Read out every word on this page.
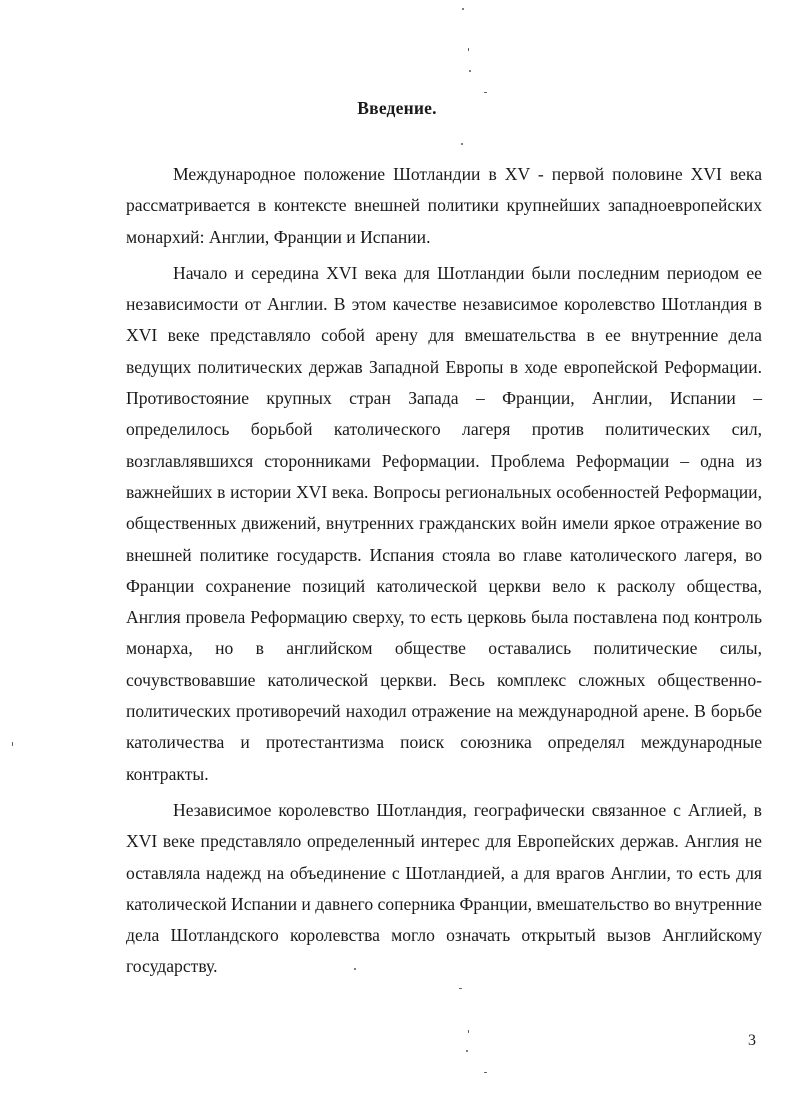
Введение.

Международное положение Шотландии в XV - первой половине XVI века рассматривается в контексте внешней политики крупнейших западноевропейских монархий: Англии, Франции и Испании.

Начало и середина XVI века для Шотландии были последним периодом ее независимости от Англии. В этом качестве независимое королевство Шотландия в XVI веке представляло собой арену для вмешательства в ее внутренние дела ведущих политических держав Западной Европы в ходе европейской Реформации. Противостояние крупных стран Запада – Франции, Англии, Испании – определилось борьбой католического лагеря против политических сил, возглавлявшихся сторонниками Реформации. Проблема Реформации – одна из важнейших в истории XVI века. Вопросы региональных особенностей Реформации, общественных движений, внутренних гражданских войн имели яркое отражение во внешней политике государств. Испания стояла во главе католического лагеря, во Франции сохранение позиций католической церкви вело к расколу общества, Англия провела Реформацию сверху, то есть церковь была поставлена под контроль монарха, но в английском обществе оставались политические силы, сочувствовавшие католической церкви. Весь комплекс сложных общественно-политических противоречий находил отражение на международной арене. В борьбе католичества и протестантизма поиск союзника определял международные контракты.

Независимое королевство Шотландия, географически связанное с Аглией, в XVI веке представляло определенный интерес для Европейских держав. Англия не оставляла надежд на объединение с Шотландией, а для врагов Англии, то есть для католической Испании и давнего соперника Франции, вмешательство во внутренние дела Шотландского королевства могло означать открытый вызов Английскому государству.

3
